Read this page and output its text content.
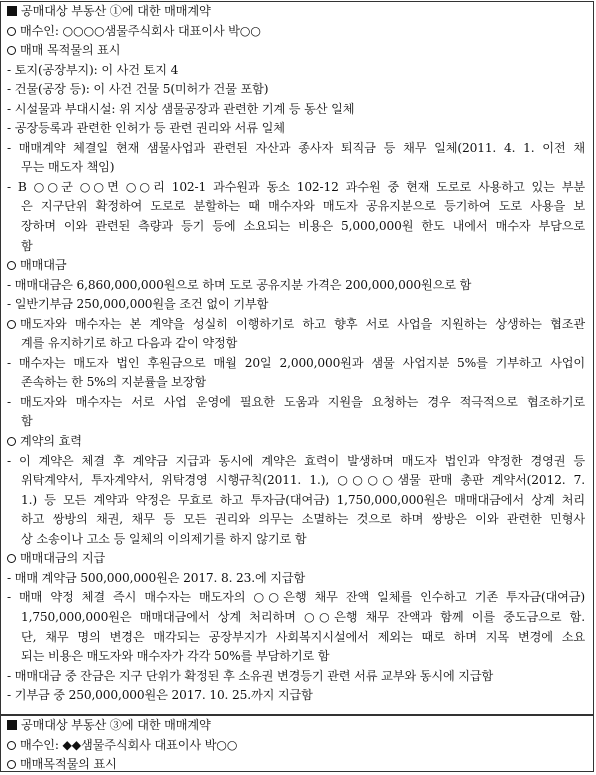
공매대상 부동산 ①에 대한 매매계약
매수인: ○○○○샘물주식회사 대표이사 박○○
매매 목적물의 표시
- 토지(공장부지): 이 사건 토지 4
- 건물(공장 등): 이 사건 건물 5(미허가 건물 포함)
- 시설물과 부대시설: 위 지상 샘물공장과 관련한 기계 등 동산 일체
- 공장등록과 관련한 인허가 등 관련 권리와 서류 일체
- 매매계약 체결일 현재 샘물사업과 관련된 자산과 종사자 퇴직금 등 채무 일체(2011. 4. 1. 이전 채
무는 매도자 책임)
- B ○○군 ○○면 ○○리 102-1 과수원과 동소 102-12 과수원 중 현재 도로로 사용하고 있는 부분
은 지구단위 확정하여 도로로 분할하는 때 매수자와 매도자 공유지분으로 등기하여 도로 사용을 보
장하며 이와 관련된 측량과 등기 등에 소요되는 비용은 5,000,000원 한도 내에서 매수자 부담으로
함
매매대금
- 매매대금은 6,860,000,000원으로 하며 도로 공유지분 가격은 200,000,000원으로 함
- 일반기부금 250,000,000원을 조건 없이 기부함
매도자와 매수자는 본 계약을 성실히 이행하기로 하고 향후 서로 사업을 지원하는 상생하는 협조관
계를 유지하기로 하고 다음과 같이 약정함
- 매수자는 매도자 법인 후원금으로 매월 20일 2,000,000원과 샘물 사업지분 5%를 기부하고 사업이
존속하는 한 5%의 지분률을 보장함
- 매도자와 매수자는 서로 사업 운영에 필요한 도움과 지원을 요청하는 경우 적극적으로 협조하기로
함
계약의 효력
- 이 계약은 체결 후 계약금 지급과 동시에 계약은 효력이 발생하며 매도자 법인과 약정한 경영권 등
위탁계약서, 투자계약서, 위탁경영 시행규칙(2011. 1.), ○○○○샘물 판매 총판 계약서(2012. 7.
1.) 등 모든 계약과 약정은 무효로 하고 투자금(대여금) 1,750,000,000원은 매매대금에서 상계 처리
하고 쌍방의 채권, 채무 등 모든 권리와 의무는 소멸하는 것으로 하며 쌍방은 이와 관련한 민형사
상 소송이나 고소 등 일체의 이의제기를 하지 않기로 함
매매대금의 지급
- 매매 계약금 500,000,000원은 2017. 8. 23.에 지급함
- 매매 약정 체결 즉시 매수자는 매도자의 ○○은행 채무 잔액 일체를 인수하고 기존 투자금(대여금)
1,750,000,000원은 매매대금에서 상계 처리하며 ○○은행 채무 잔액과 함께 이를 중도금으로 함.
단, 채무 명의 변경은 매각되는 공장부지가 사회복지시설에서 제외는 때로 하며 지목 변경에 소요
되는 비용은 매도자와 매수자가 각각 50%를 부담하기로 함
- 매매대금 중 잔금은 지구 단위가 확정된 후 소유권 변경등기 관련 서류 교부와 동시에 지급함
- 기부금 중 250,000,000원은 2017. 10. 25.까지 지급함
공매대상 부동산 ③에 대한 매매계약
매수인: ◆◆샘물주식회사 대표이사 박○○
매매목적물의 표시
